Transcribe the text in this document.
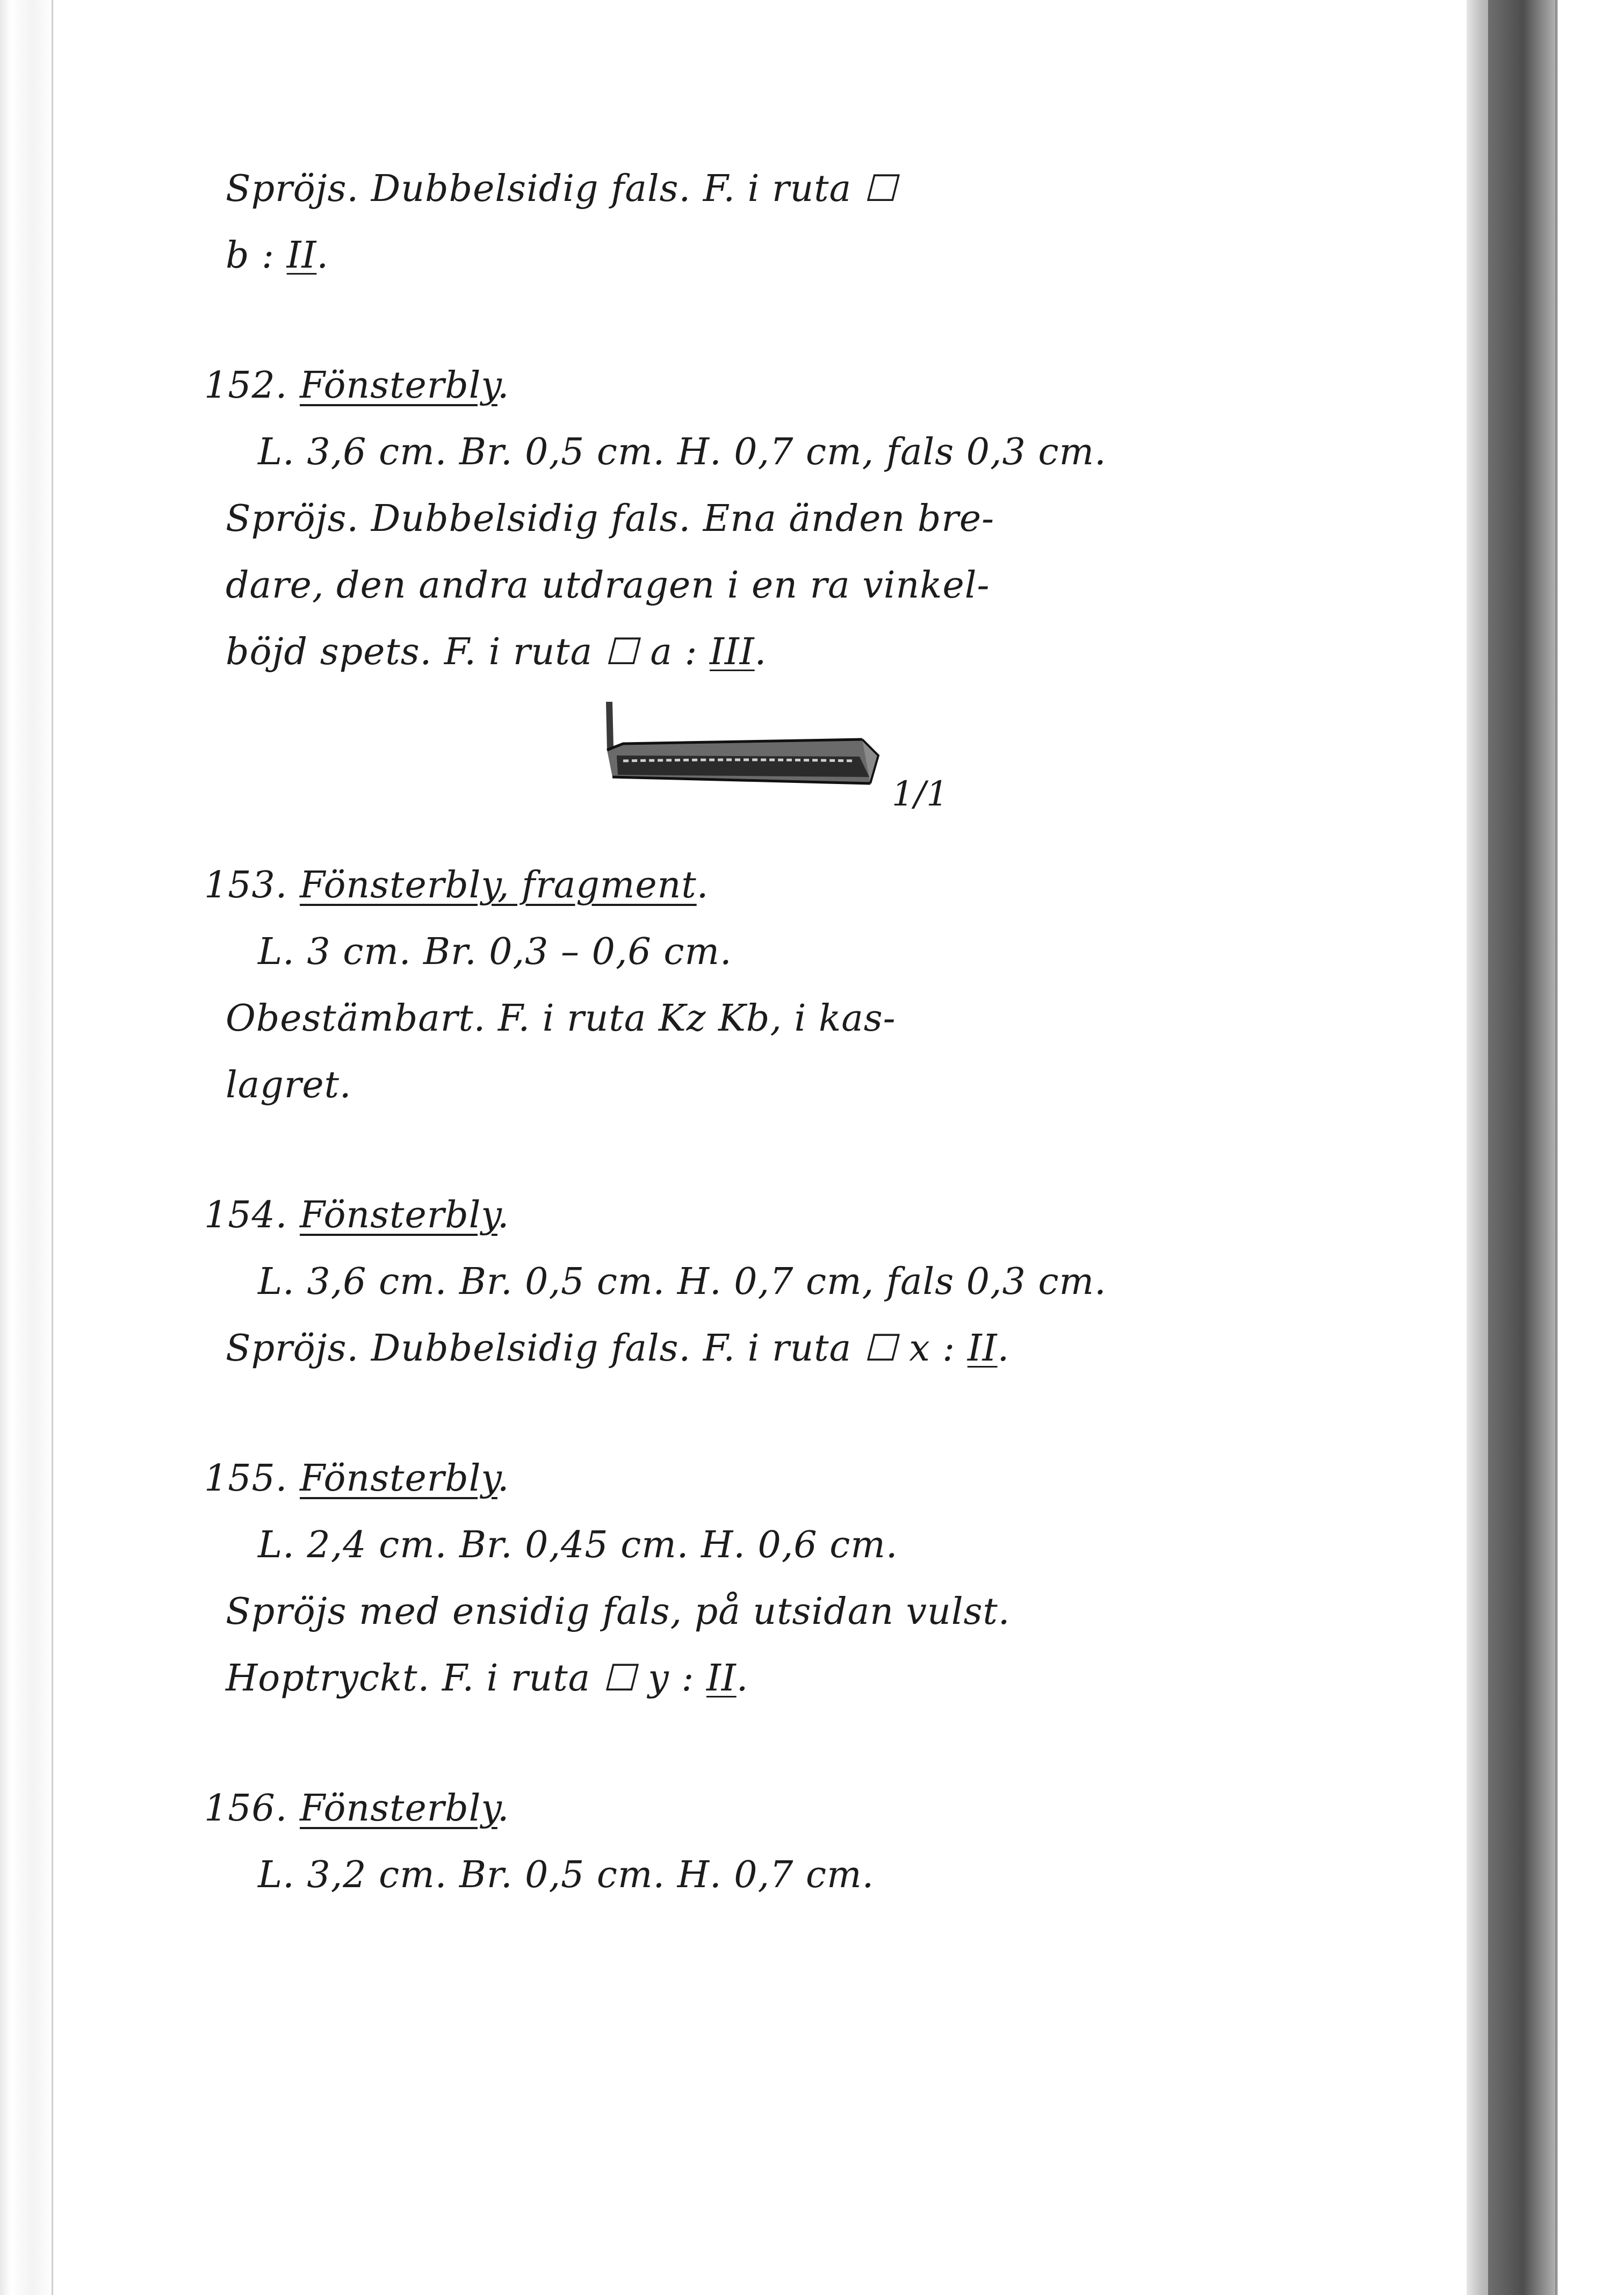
Spröjs. Dubbelsidig fals. F. i ruta ☐
b : II.
152. Fönsterbly.
L. 3,6 cm. Br. 0,5 cm. H. 0,7 cm, fals 0,3 cm.
Spröjs. Dubbelsidig fals. Ena änden bre-
dare, den andra utdragen i en ra vinkel-
böjd spets. F. i ruta ☐ a : III.
1/1
153. Fönsterbly, fragment.
L. 3 cm. Br. 0,3 – 0,6 cm.
Obestämbart. F. i ruta Kz Kb, i kas-
lagret.
154. Fönsterbly.
L. 3,6 cm. Br. 0,5 cm. H. 0,7 cm, fals 0,3 cm.
Spröjs. Dubbelsidig fals. F. i ruta ☐ x : II.
155. Fönsterbly.
L. 2,4 cm. Br. 0,45 cm. H. 0,6 cm.
Spröjs med ensidig fals, på utsidan vulst.
Hoptryckt. F. i ruta ☐ y : II.
156. Fönsterbly.
L. 3,2 cm. Br. 0,5 cm. H. 0,7 cm.
